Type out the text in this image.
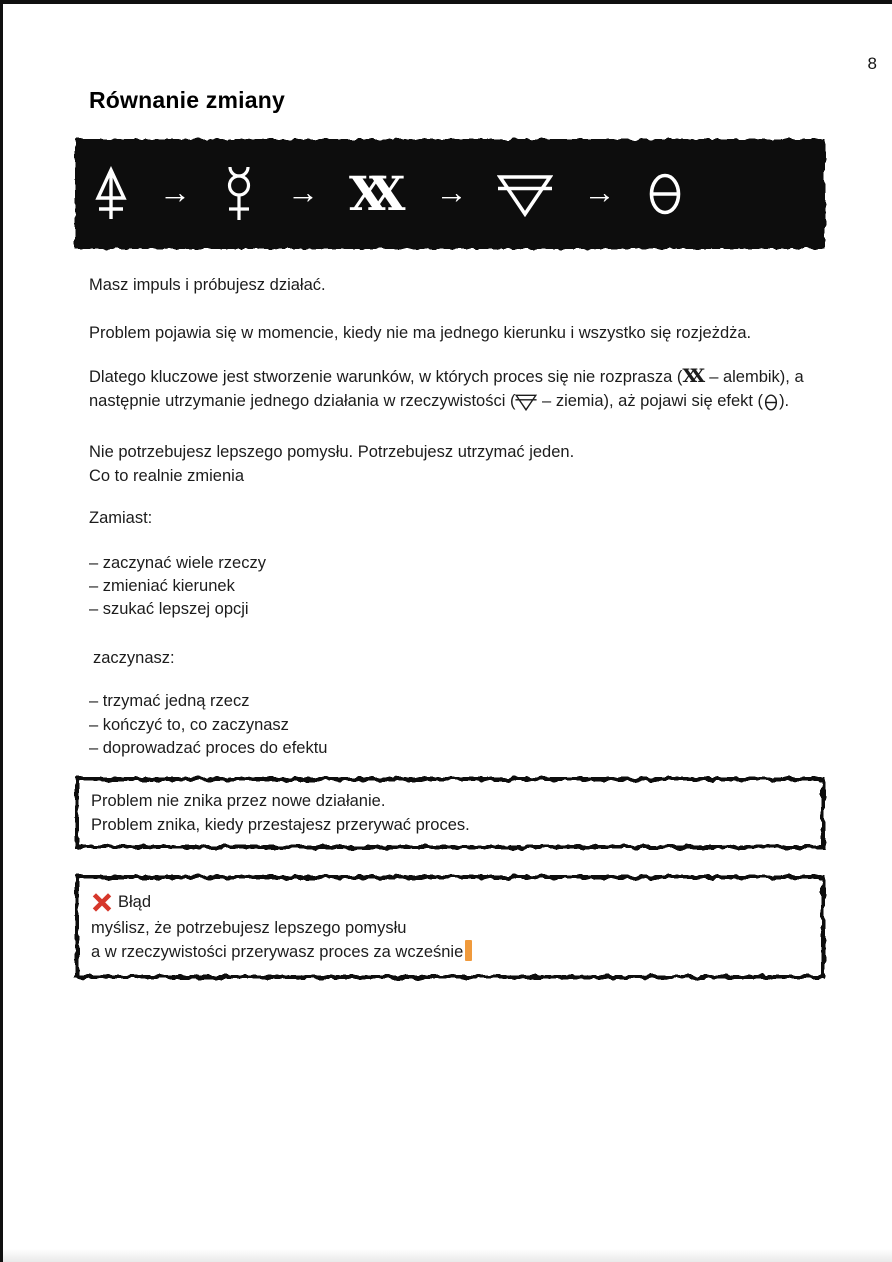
8
Równanie zmiany
→	→ XX	→	→

Masz impuls i próbujesz działać.

Problem pojawia się w momencie, kiedy nie ma jednego kierunku i wszystko się rozjeżdża.

Dlatego kluczowe jest stworzenie warunków, w których proces się nie rozprasza (XX – alembik), a następnie utrzymanie jednego działania w rzeczywistości ( – ziemia), aż pojawi się efekt ( ).

Nie potrzebujesz lepszego pomysłu. Potrzebujesz utrzymać jeden.
Co to realnie zmienia

Zamiast:

– zaczynać wiele rzeczy
– zmieniać kierunek
– szukać lepszej opcji

zaczynasz:

– trzymać jedną rzecz
– kończyć to, co zaczynasz
– doprowadzać proces do efektu
Problem nie znika przez nowe działanie.
Problem znika, kiedy przestajesz przerywać proces.
Błąd
myślisz, że potrzebujesz lepszego pomysłu
a w rzeczywistości przerywasz proces za wcześnie
